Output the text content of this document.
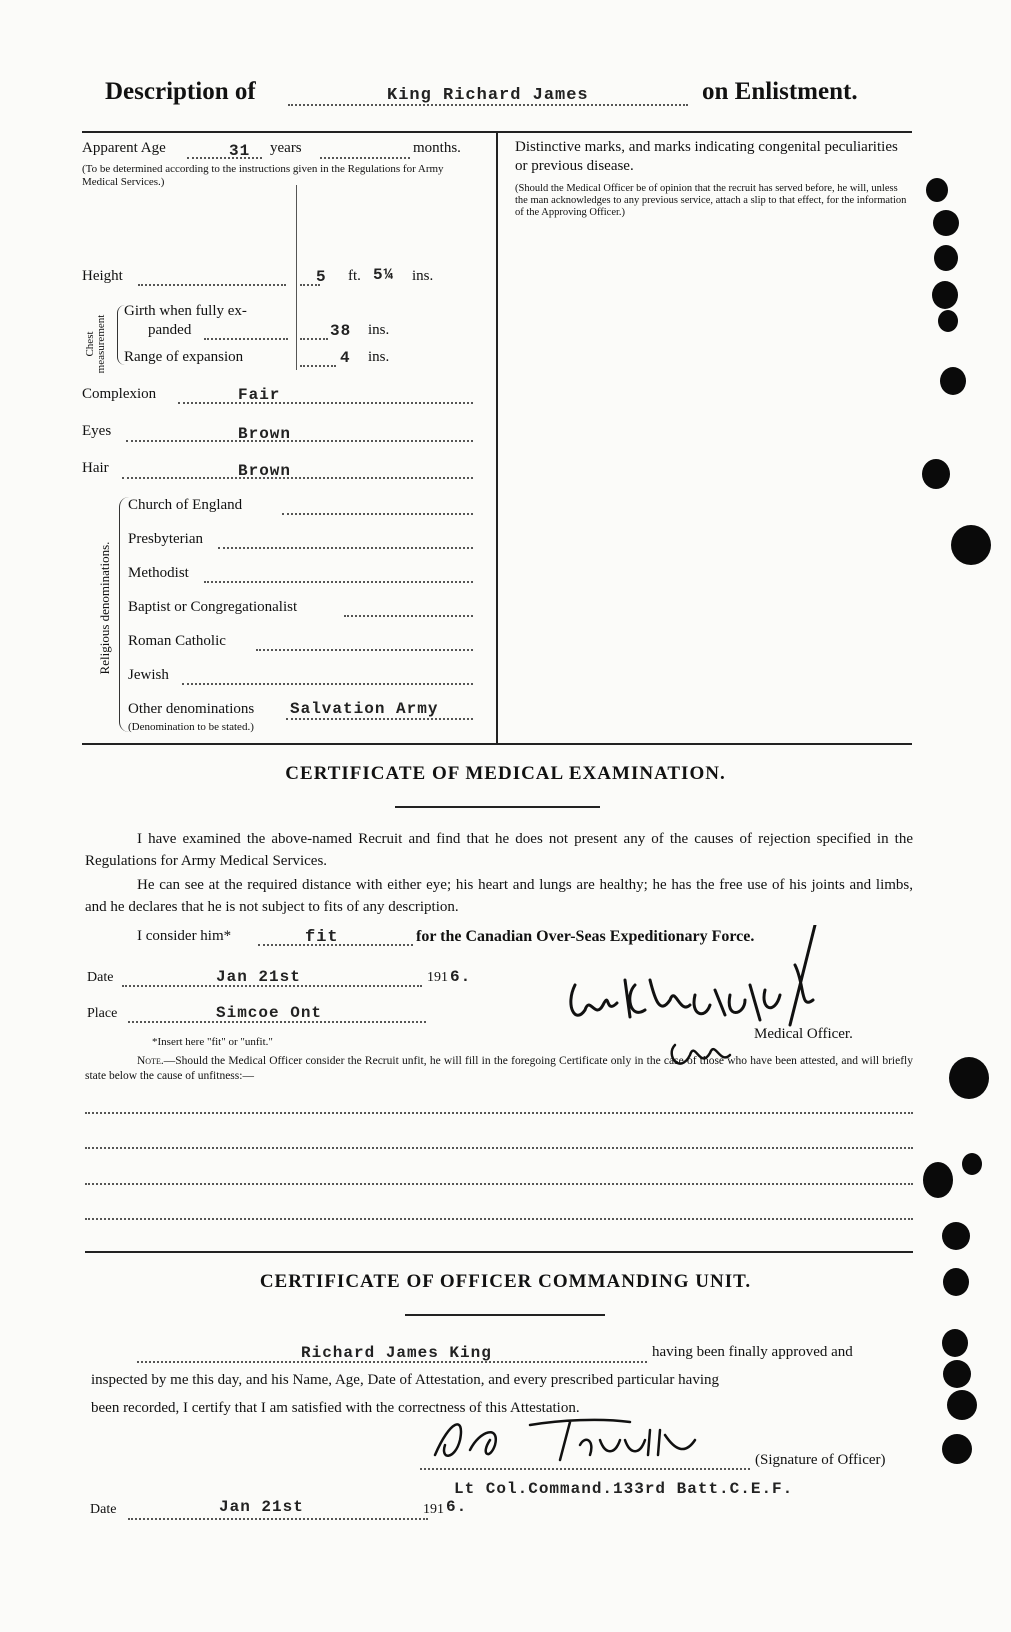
Description of	King Richard James	on Enlistment.
Apparent Age	31 years	months.
(To be determined according to the instructions given in the Regulations for Army Medical Services.)
Height	5 ft. 5¼ ins.
Chest measurement
Girth when fully ex-
panded	38 ins.
Range of expansion	4 ins.
Complexion	Fair
Eyes	Brown
Hair	Brown
Religious denominations.
Church of England
Presbyterian
Methodist
Baptist or Congregationalist
Roman Catholic
Jewish
Other denominations Salvation Army
(Denomination to be stated.)
Distinctive marks, and marks indicating congenital peculiarities or previous disease.
(Should the Medical Officer be of opinion that the recruit has served before, he will, unless the man acknowledges to any previous service, attach a slip to that effect, for the information of the Approving Officer.)
CERTIFICATE OF MEDICAL EXAMINATION.
I have examined the above-named Recruit and find that he does not present any of the causes of rejection specified in the Regulations for Army Medical Services.
He can see at the required distance with either eye; his heart and lungs are healthy; he has the free use of his joints and limbs, and he declares that he is not subject to fits of any description.
I consider him*	fit	for the Canadian Over-Seas Expeditionary Force.
Date	Jan 21st	191 6.
Place	Simcoe Ont
Medical Officer.
*Insert here "fit" or "unfit."
Note.—Should the Medical Officer consider the Recruit unfit, he will fill in the foregoing Certificate only in the case of those who have been attested, and will briefly state below the cause of unfitness:—
CERTIFICATE OF OFFICER COMMANDING UNIT.
Richard James King	having been finally approved and
inspected by me this day, and his Name, Age, Date of Attestation, and every prescribed particular having
been recorded, I certify that I am satisfied with the correctness of this Attestation.
(Signature of Officer)
Lt Col.Command.133rd Batt.C.E.F.
Date	Jan 21st	191 6.
